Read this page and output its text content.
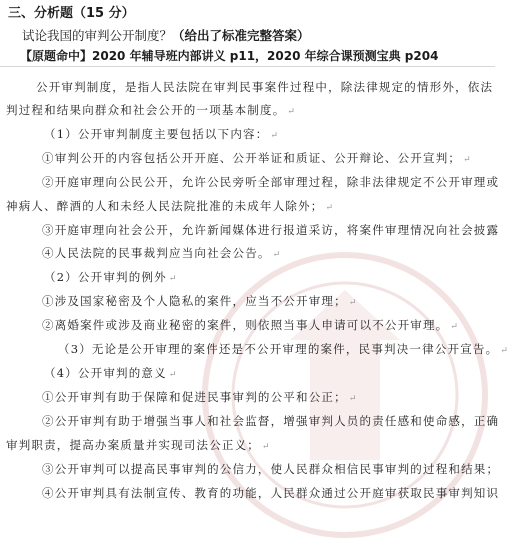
三、分析题（15 分）
试论我国的审判公开制度？（给出了标准完整答案）
【原题命中】2020 年辅导班内部讲义 p11，2020 年综合课预测宝典 p204
公开审判制度，是指人民法院在审判民事案件过程中，除法律规定的情形外，依法
判过程和结果向群众和社会公开的一项基本制度。 ↵
（1）公开审判制度主要包括以下内容： ↵
①审判公开的内容包括公开开庭、公开举证和质证、公开辩论、公开宣判； ↵
②开庭审理向公民公开，允许公民旁听全部审理过程，除非法律规定不公开审理或
神病人、醉酒的人和未经人民法院批准的未成年人除外； ↵
③开庭审理向社会公开，允许新闻媒体进行报道采访，将案件审理情况向社会披露
④人民法院的民事裁判应当向社会公告。 ↵
（2）公开审判的例外 ↵
①涉及国家秘密及个人隐私的案件，应当不公开审理； ↵
②离婚案件或涉及商业秘密的案件，则依照当事人申请可以不公开审理。 ↵
（3）无论是公开审理的案件还是不公开审理的案件，民事判决一律公开宣告。 ↵
（4）公开审判的意义 ↵
①公开审判有助于保障和促进民事审判的公平和公正； ↵
②公开审判有助于增强当事人和社会监督，增强审判人员的责任感和使命感，正确
审判职责，提高办案质量并实现司法公正义； ↵
③公开审判可以提高民事审判的公信力，使人民群众相信民事审判的过程和结果；
④公开审判具有法制宣传、教育的功能，人民群众通过公开庭审获取民事审判知识
